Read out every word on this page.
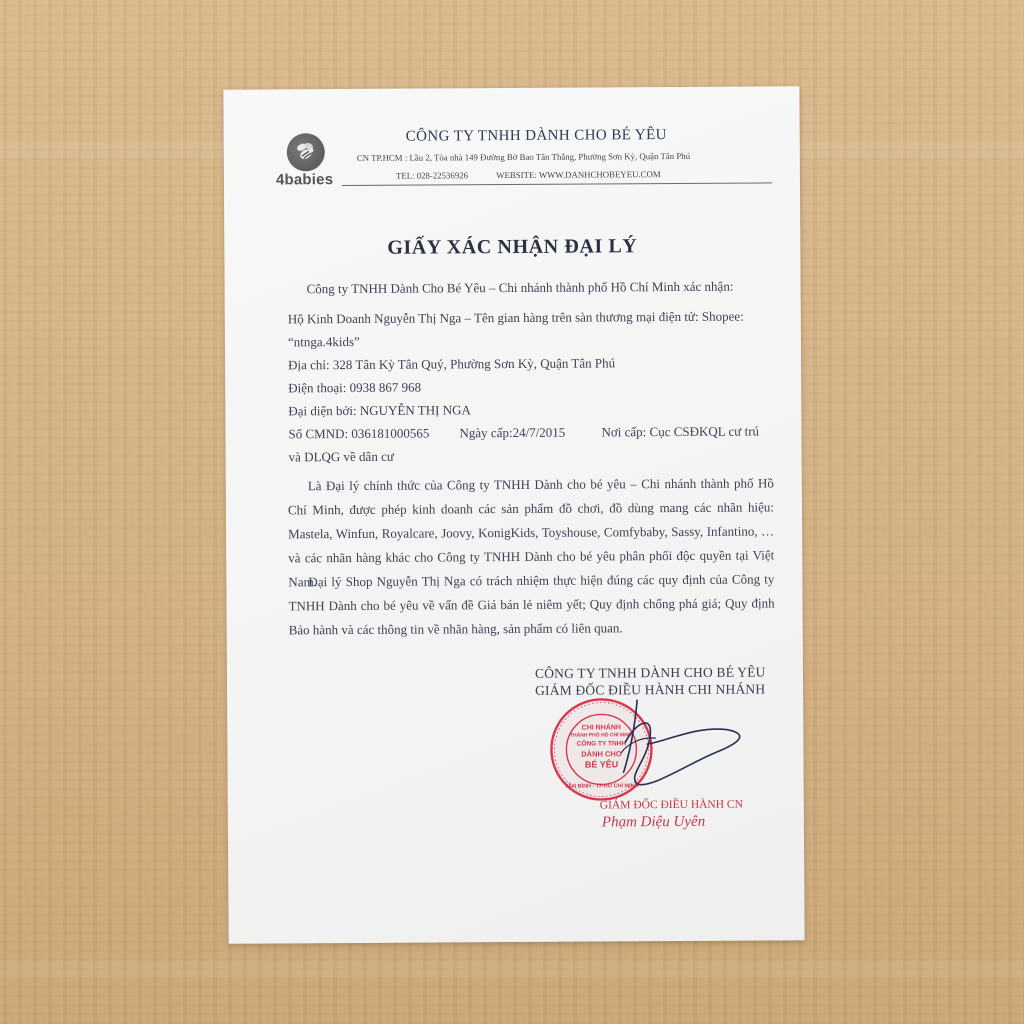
4babies
CÔNG TY TNHH DÀNH CHO BÉ YÊU
CN TP.HCM : Lầu 2, Tòa nhà 149 Đường Bờ Bao Tân Thắng, Phường Sơn Kỳ, Quận Tân Phú
TEL: 028-22536926	WEBSITE: WWW.DANHCHOBEYEU.COM
GIẤY XÁC NHẬN ĐẠI LÝ
Công ty TNHH Dành Cho Bé Yêu – Chi nhánh thành phố Hồ Chí Minh xác nhận:
Hộ Kinh Doanh Nguyễn Thị Nga – Tên gian hàng trên sàn thương mại điện tử: Shopee:
“ntnga.4kids”
Địa chỉ: 328 Tân Kỳ Tân Quý, Phường Sơn Kỳ, Quận Tân Phú
Điện thoại: 0938 867 968
Đại diện bởi: NGUYỄN THỊ NGA
Số CMND: 036181000565 Ngày cấp:24/7/2015	Nơi cấp: Cục CSĐKQL cư trú
và DLQG về dân cư
Là Đại lý chính thức của Công ty TNHH Dành cho bé yêu – Chi nhánh thành phố Hồ Chí Minh, được phép kinh doanh các sản phẩm đồ chơi, đồ dùng mang các nhãn hiệu: Mastela, Winfun, Royalcare, Joovy, KonigKids, Toyshouse, Comfybaby, Sassy, Infantino, … và các nhãn hàng khác cho Công ty TNHH Dành cho bé yêu phân phối độc quyền tại Việt Nam.
Đại lý Shop Nguyễn Thị Nga có trách nhiệm thực hiện đúng các quy định của Công ty TNHH Dành cho bé yêu về vấn đề Giá bán lẻ niêm yết; Quy định chống phá giá; Quy định Bảo hành và các thông tin về nhãn hàng, sản phẩm có liên quan.
CÔNG TY TNHH DÀNH CHO BÉ YÊU
GIÁM ĐỐC ĐIỀU HÀNH CHI NHÁNH
CHI NHÁNH
THÀNH PHỐ HỒ CHÍ MINH
CÔNG TY TNHH
DÀNH CHO
BÉ YÊU
TÂN BÌNH - TP.HỒ CHÍ MINH
GIÁM ĐỐC ĐIỀU HÀNH CN
Phạm Diệu Uyên
